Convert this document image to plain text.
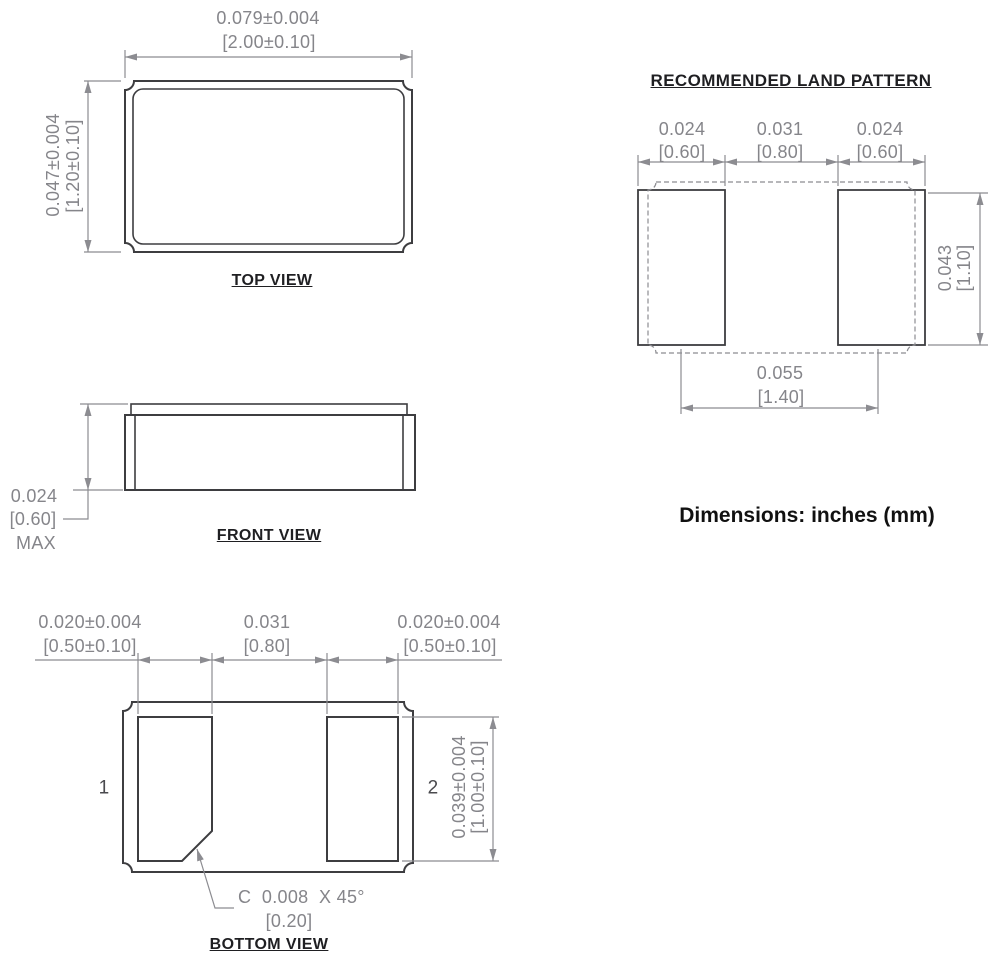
0.079±0.004
[2.00±0.10]
0.047±0.004 [1.20±0.10]
TOP VIEW
0.024
[0.60]
MAX	FRONT VIEW
0.020±0.004	0.031	0.020±0.004
[0.50±0.10]	[0.80]	[0.50±0.10]
1	2 0.039±0.004 [1.00±0.10]
C  0.008  X 45°
[0.20]
BOTTOM VIEW
RECOMMENDED LAND PATTERN
0.024	0.031	0.024
[0.60]	[0.80]	[0.60]
0.043 [1.10]
0.055
[1.40]
Dimensions: inches (mm)
